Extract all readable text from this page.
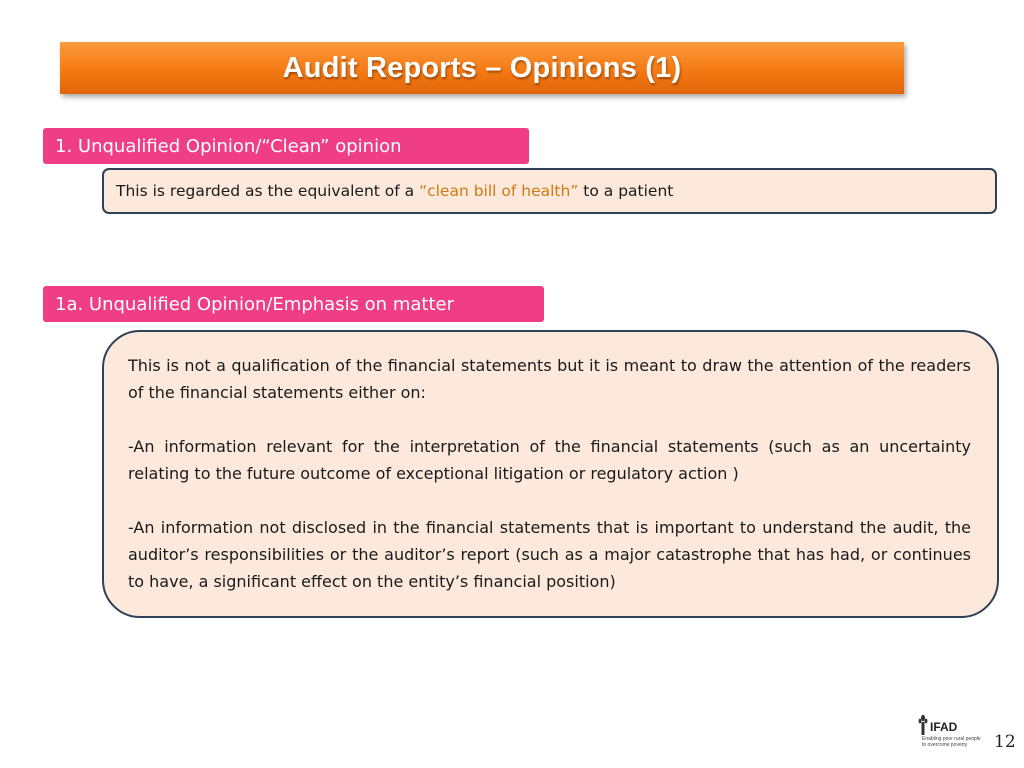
Audit Reports – Opinions (1)
1. Unqualified Opinion/“Clean” opinion
This is regarded as the equivalent of a “clean bill of health” to a patient
1a. Unqualified Opinion/Emphasis on matter

This is not a qualification of the financial statements but it is meant to draw the attention of the readers of the financial statements either on:

-An information relevant for the interpretation of the financial statements (such as an uncertainty relating to the future outcome of exceptional litigation or regulatory action )

-An information not disclosed in the financial statements that is important to understand the audit, the auditor’s responsibilities or the auditor’s report (such as a major catastrophe that has had, or continues to have, a significant effect on the entity’s financial position)

IFAD
Enabling poor rural people to overcome poverty	12
